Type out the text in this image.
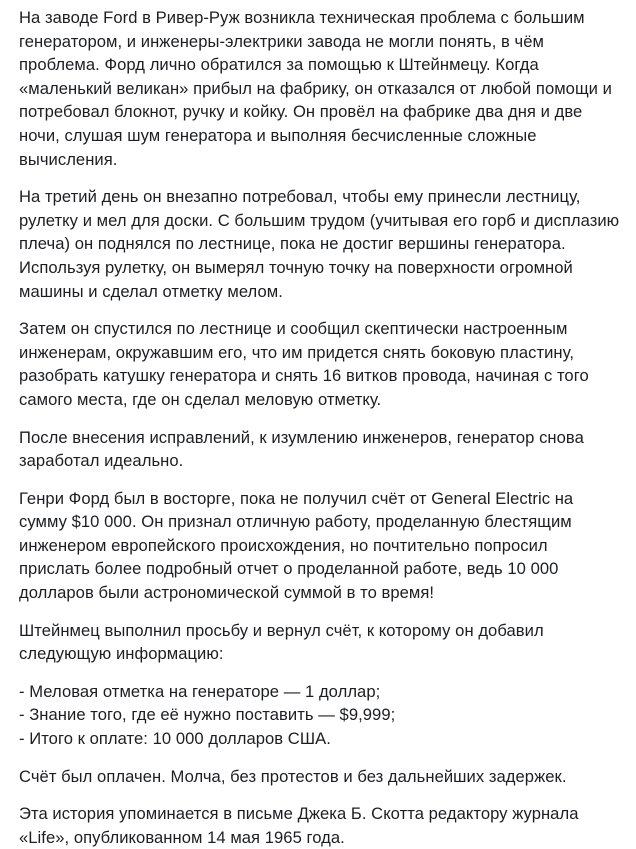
На заводе Ford в Ривер-Руж возникла техническая проблема с большим генератором, и инженеры-электрики завода не могли понять, в чём проблема. Форд лично обратился за помощью к Штейнмецу. Когда «маленький великан» прибыл на фабрику, он отказался от любой помощи и потребовал блокнот, ручку и койку. Он провёл на фабрике два дня и две ночи, слушая шум генератора и выполняя бесчисленные сложные вычисления.

На третий день он внезапно потребовал, чтобы ему принесли лестницу, рулетку и мел для доски. С большим трудом (учитывая его горб и дисплазию плеча) он поднялся по лестнице, пока не достиг вершины генератора. Используя рулетку, он вымерял точную точку на поверхности огромной машины и сделал отметку мелом.

Затем он спустился по лестнице и сообщил скептически настроенным инженерам, окружавшим его, что им придется снять боковую пластину, разобрать катушку генератора и снять 16 витков провода, начиная с того самого места, где он сделал меловую отметку.

После внесения исправлений, к изумлению инженеров, генератор снова заработал идеально.

Генри Форд был в восторге, пока не получил счёт от General Electric на сумму $10 000. Он признал отличную работу, проделанную блестящим инженером европейского происхождения, но почтительно попросил прислать более подробный отчет о проделанной работе, ведь 10 000 долларов были астрономической суммой в то время!

Штейнмец выполнил просьбу и вернул счёт, к которому он добавил следующую информацию:

- Меловая отметка на генераторе — 1 доллар;

- Знание того, где её нужно поставить — $9,999;

- Итого к оплате: 10 000 долларов США.

Счёт был оплачен. Молча, без протестов и без дальнейших задержек.

Эта история упоминается в письме Джека Б. Скотта редактору журнала «Life», опубликованном 14 мая 1965 года.
